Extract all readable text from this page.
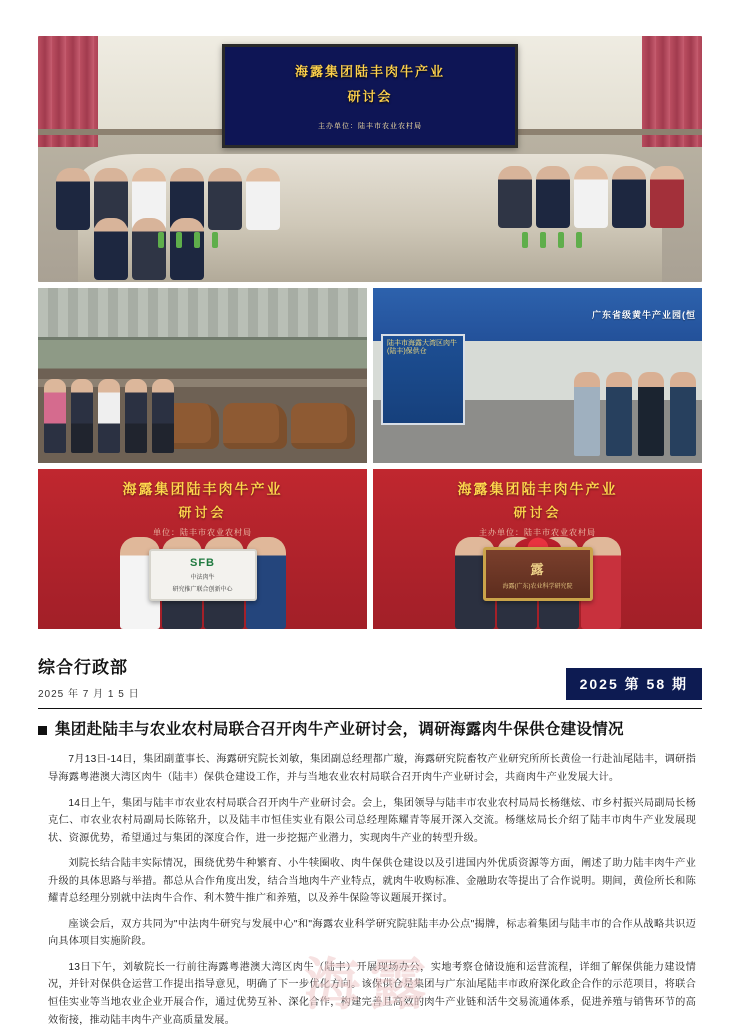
海露集团陆丰肉牛产业
研讨会
主办单位：陆丰市农业农村局
广东省级黄牛产业园(恒
陆丰市海露大湾区肉牛(陆丰)保供仓
海露集团陆丰肉牛产业
研讨会
单位：陆丰市农业农村局
SFB
中法肉牛
研究推广联合创新中心
海露集团陆丰肉牛产业
研讨会
主办单位：陆丰市农业农村局
露
海露(广东)农业科学研究院
综合行政部
2025 年 7 月 1 5 日
2025 第 58 期
集团赴陆丰与农业农村局联合召开肉牛产业研讨会，调研海露肉牛保供仓建设情况

7月13日-14日，集团副董事长、海露研究院长刘敏，集团副总经理都广璇，海露研究院畜牧产业研究所所长黄俭一行赴汕尾陆丰，调研指导海露粤港澳大湾区肉牛（陆丰）保供仓建设工作，并与当地农业农村局联合召开肉牛产业研讨会，共商肉牛产业发展大计。

14日上午，集团与陆丰市农业农村局联合召开肉牛产业研讨会。会上，集团领导与陆丰市农业农村局局长杨继炫、市乡村振兴局副局长杨克仁、市农业农村局副局长陈铭升，以及陆丰市恒佳实业有限公司总经理陈耀青等展开深入交流。杨继炫局长介绍了陆丰市肉牛产业发展现状、资源优势，希望通过与集团的深度合作，进一步挖掘产业潜力，实现肉牛产业的转型升级。

刘院长结合陆丰实际情况，围绕优势牛种繁育、小牛犊圈收、肉牛保供仓建设以及引进国内外优质资源等方面，阐述了助力陆丰肉牛产业升级的具体思路与举措。都总从合作角度出发，结合当地肉牛产业特点，就肉牛收购标准、金融助农等提出了合作说明。期间，黄俭所长和陈耀青总经理分别就中法肉牛合作、利木赞牛推广和养殖，以及养牛保险等议题展开探讨。

座谈会后，双方共同为"中法肉牛研究与发展中心"和"海露农业科学研究院驻陆丰办公点"揭牌，标志着集团与陆丰市的合作从战略共识迈向具体项目实施阶段。

13日下午，刘敏院长一行前往海露粤港澳大湾区肉牛（陆丰）开展现场办公，实地考察仓储设施和运营流程，详细了解保供能力建设情况，并针对保供仓运营工作提出指导意见，明确了下一步优化方向。该保供仓是集团与广东汕尾陆丰市政府深化政企合作的示范项目，将联合恒佳实业等当地农业企业开展合作，通过优势互补、深化合作，构建完善且高效的肉牛产业链和活牛交易流通体系，促进养殖与销售环节的高效衔接，推动陆丰肉牛产业高质量发展。

海露
